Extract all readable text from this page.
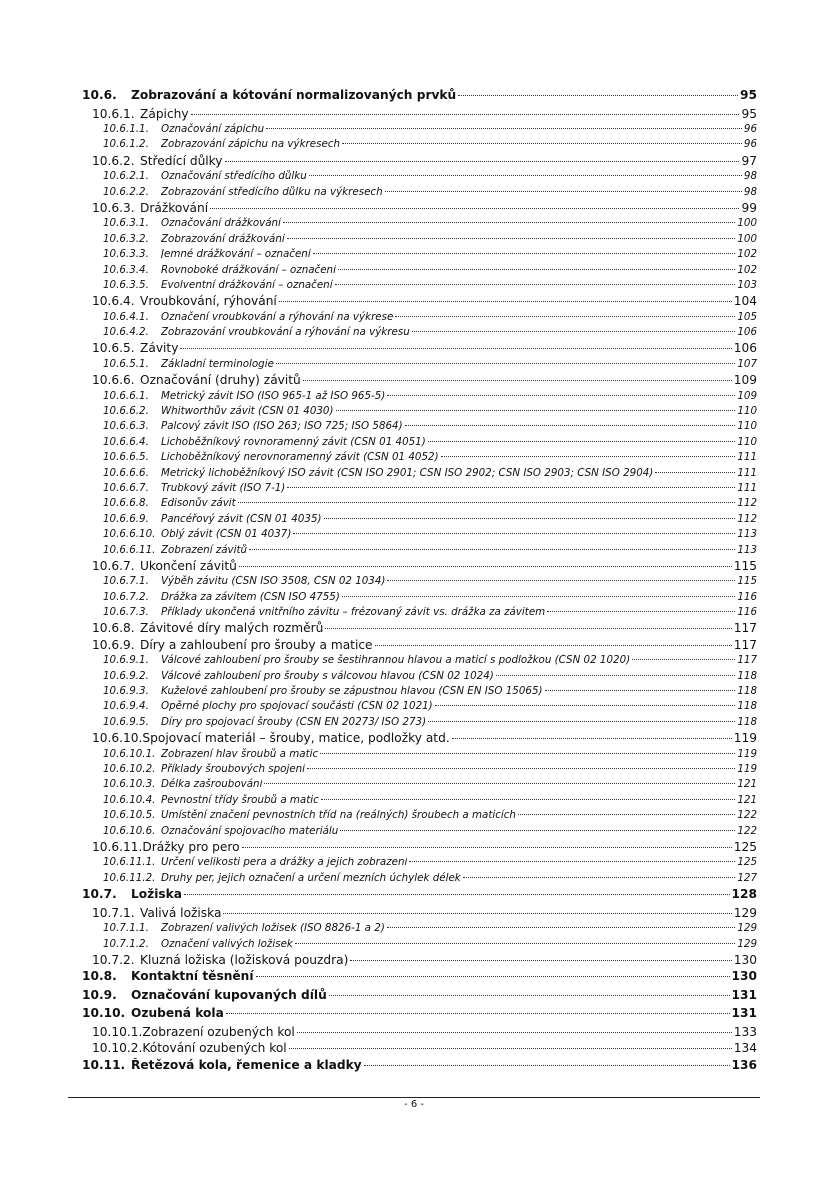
10.6.	Zobrazování a kótování normalizovaných prvků	95
10.6.1. Zápichy	95
10.6.1.1.	Označování zápichu	96
10.6.1.2.	Zobrazování zápichu na výkresech	96
10.6.2. Středící důlky	97
10.6.2.1.	Označování středícího důlku	98
10.6.2.2.	Zobrazování středícího důlku na výkresech	98
10.6.3. Drážkování	99
10.6.3.1.	Označování drážkování	100
10.6.3.2.	Zobrazování drážkování	100
10.6.3.3.	Jemné drážkování – označení	102
10.6.3.4.	Rovnoboké drážkování – označení	102
10.6.3.5.	Evolventní drážkování – označení	103
10.6.4. Vroubkování, rýhování	104
10.6.4.1.	Označení vroubkování a rýhování na výkrese	105
10.6.4.2.	Zobrazování vroubkování a rýhování na výkresu	106
10.6.5. Závity	106
10.6.5.1.	Základní terminologie	107
10.6.6. Označování (druhy) závitů	109
10.6.6.1.	Metrický závit ISO (ISO 965-1 až ISO 965-5)	109
10.6.6.2.	Whitworthův závit (ČSN 01 4030)	110
10.6.6.3.	Palcový závit ISO (ISO 263; ISO 725; ISO 5864)	110
10.6.6.4.	Lichoběžníkový rovnoramenný závit (ČSN 01 4051)	110
10.6.6.5.	Lichoběžníkový nerovnoramenný závit (ČSN 01 4052)	111
10.6.6.6.	Metrický lichoběžníkový ISO závit (ČSN ISO 2901; ČSN ISO 2902; ČSN ISO 2903; ČSN ISO 2904)	111
10.6.6.7.	Trubkový závit (ISO 7-1)	111
10.6.6.8.	Edisonův závit	112
10.6.6.9.	Pancéřový závit (ČSN 01 4035)	112
10.6.6.10. Oblý závit (ČSN 01 4037)	113
10.6.6.11. Zobrazení závitů	113
10.6.7. Ukončení závitů	115
10.6.7.1.	Výběh závitu (ČSN ISO 3508, ČSN 02 1034)	115
10.6.7.2.	Drážka za závitem (ČSN ISO 4755)	116
10.6.7.3.	Příklady ukončená vnitřního závitu – frézovaný závit vs. drážka za závitem	116
10.6.8. Závitové díry malých rozměrů	117
10.6.9. Díry a zahloubení pro šrouby a matice	117
10.6.9.1.	Válcové zahloubení pro šrouby se šestihrannou hlavou a maticí s podložkou (ČSN 02 1020)	117
10.6.9.2.	Válcové zahloubení pro šrouby s válcovou hlavou (ČSN 02 1024)	118
10.6.9.3.	Kuželové zahloubení pro šrouby se zápustnou hlavou (ČSN EN ISO 15065)	118
10.6.9.4.	Opěrné plochy pro spojovací součásti (ČSN 02 1021)	118
10.6.9.5.	Díry pro spojovací šrouby (ČSN EN 20273/ ISO 273)	118
10.6.10. Spojovací materiál – šrouby, matice, podložky atd.	119
10.6.10.1. Zobrazení hlav šroubů a matic	119
10.6.10.2. Příklady šroubových spojení	119
10.6.10.3. Délka zašroubování	121
10.6.10.4. Pevnostní třídy šroubů a matic	121
10.6.10.5. Umístění značení pevnostních tříd na (reálných) šroubech a maticích	122
10.6.10.6. Označování spojovacího materiálu	122
10.6.11. Drážky pro pero	125
10.6.11.1. Určení velikosti pera a drážky a jejich zobrazení	125
10.6.11.2. Druhy per, jejich označení a určení mezních úchylek délek	127
10.7.	Ložiska	128
10.7.1. Valivá ložiska	129
10.7.1.1.	Zobrazení valivých ložisek (ISO 8826-1 a 2)	129
10.7.1.2.	Označení valivých ložisek	129
10.7.2. Kluzná ložiska (ložisková pouzdra)	130
10.8.	Kontaktní těsnění	130
10.9.	Označování kupovaných dílů	131
10.10. Ozubená kola	131
10.10.1. Zobrazení ozubených kol	133
10.10.2. Kótování ozubených kol	134
10.11. Řetězová kola, řemenice a kladky	136
- 6 -
